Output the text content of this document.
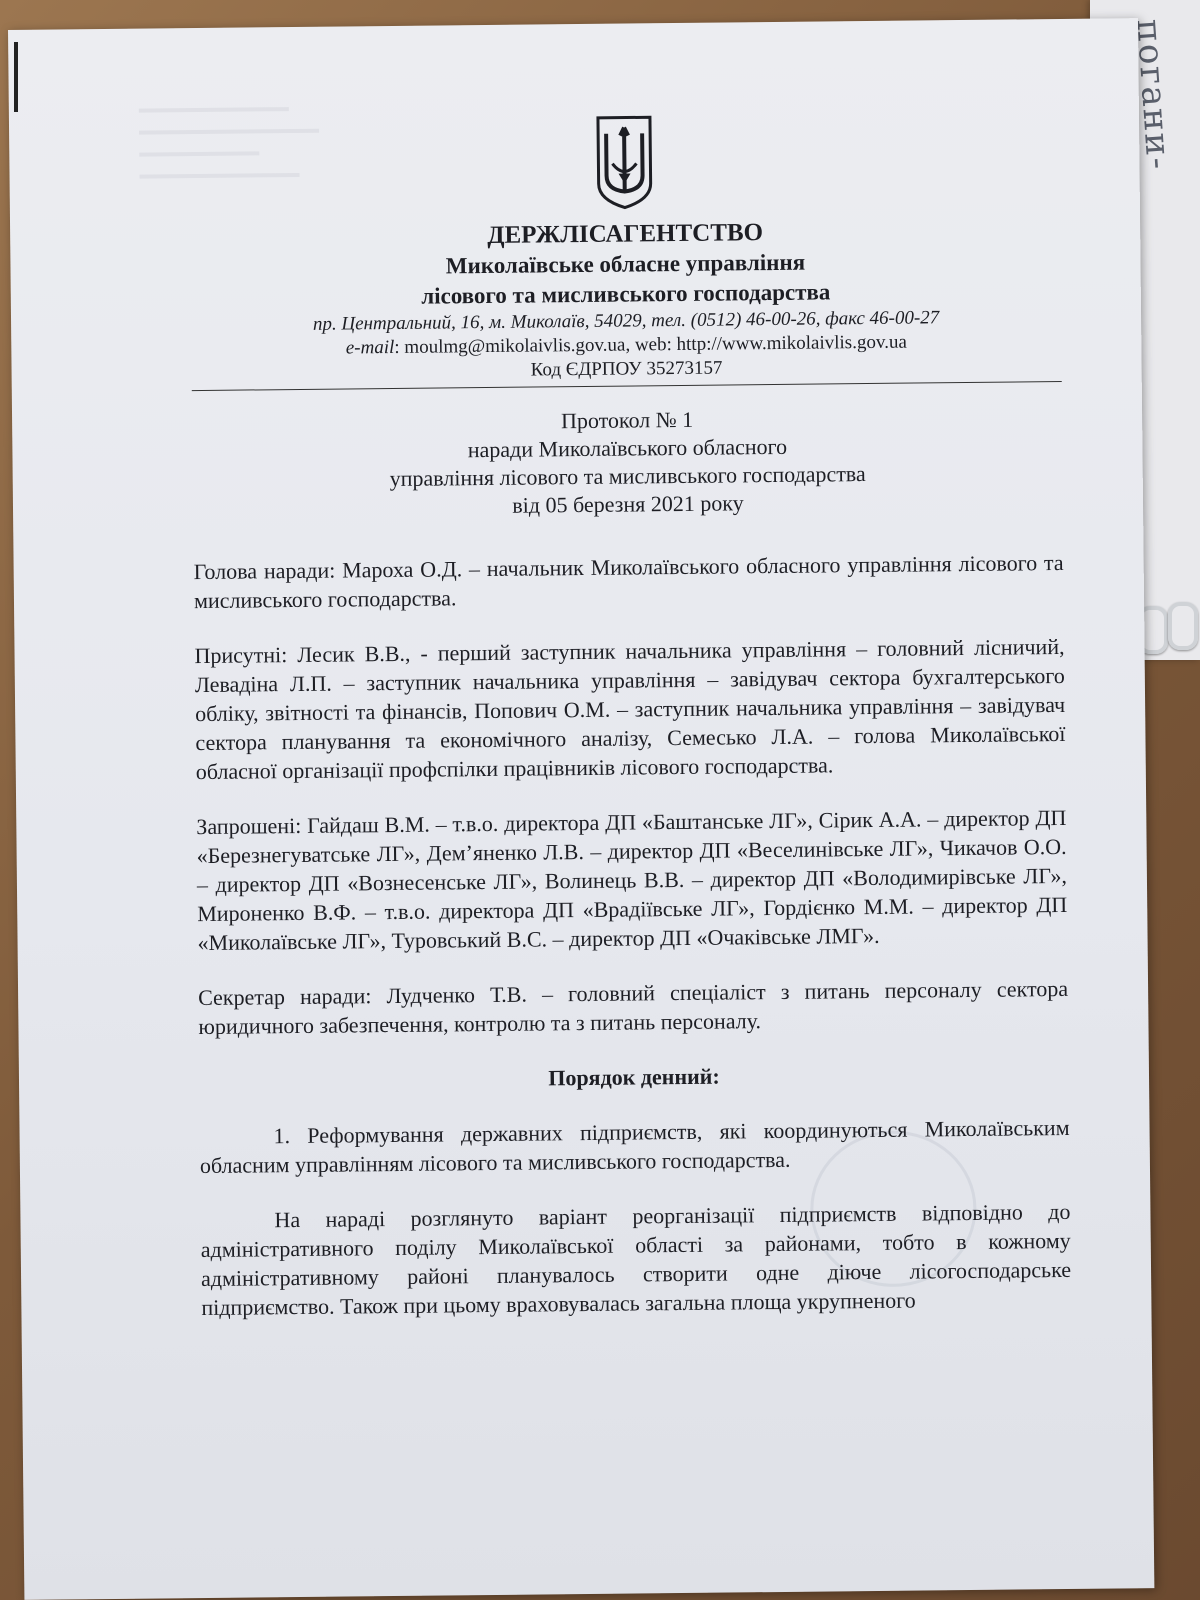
погани-
ДЕРЖЛІСАГЕНТСТВО
Миколаївське обласне управління
лісового та мисливського господарства
пр. Центральний, 16, м. Миколаїв, 54029, тел. (0512) 46-00-26, факс 46-00-27
e-mail: moulmg@mikolaivlis.gov.ua, web: http://www.mikolaivlis.gov.ua
Код ЄДРПОУ 35273157
Протокол № 1
наради Миколаївського обласного
управління лісового та мисливського господарства
від 05 березня 2021 року

Голова наради: Мароха О.Д. – начальник Миколаївського обласного управління лісового та мисливського господарства.

Присутні: Лесик В.В., - перший заступник начальника управління – головний лісничий, Левадіна Л.П. – заступник начальника управління – завідувач сектора бухгалтерського обліку, звітності та фінансів, Попович О.М. – заступник начальника управління – завідувач сектора планування та економічного аналізу, Семесько Л.А. – голова Миколаївської обласної організації профспілки працівників лісового господарства.

Запрошені: Гайдаш В.М. – т.в.о. директора ДП «Баштанське ЛГ», Сірик А.А. – директор ДП «Березнегуватське ЛГ», Дем’яненко Л.В. – директор ДП «Веселинівське ЛГ», Чикачов О.О. – директор ДП «Вознесенське ЛГ», Волинець В.В. – директор ДП «Володимирівське ЛГ», Мироненко В.Ф. – т.в.о. директора ДП «Врадіївське ЛГ», Гордієнко М.М. – директор ДП «Миколаївське ЛГ», Туровський В.С. – директор ДП «Очаківське ЛМГ».

Секретар наради: Лудченко Т.В. – головний спеціаліст з питань персоналу сектора юридичного забезпечення, контролю та з питань персоналу.

Порядок денний:

1. Реформування державних підприємств, які координуються Миколаївським обласним управлінням лісового та мисливського господарства.

На нараді розглянуто варіант реорганізації підприємств відповідно до адміністративного поділу Миколаївської області за районами, тобто в кожному адміністративному районі планувалось створити одне діюче лісогосподарське підприємство. Також при цьому враховувалась загальна площа укрупненого
